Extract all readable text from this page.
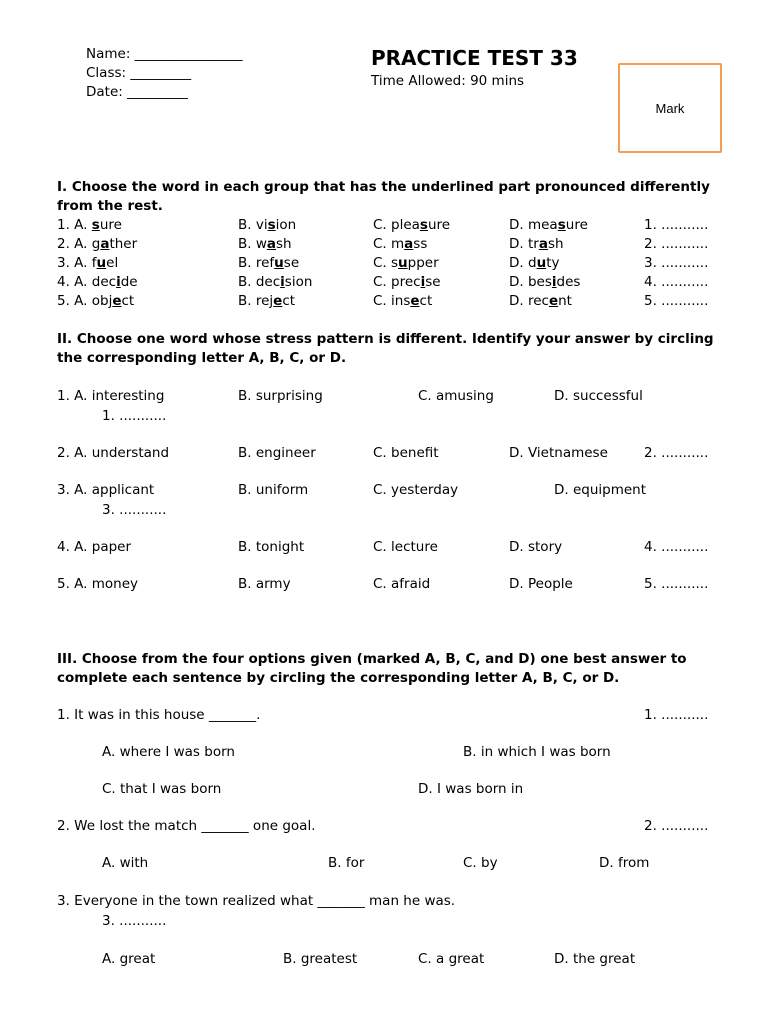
Name: ________________
Class: _________
Date: _________
PRACTICE TEST 33
Time Allowed: 90 mins
Mark
I. Choose the word in each group that has the underlined part pronounced differently from the rest.
1. A. sure	B. vision	C. pleasure	D. measure	1. ...........
2. A. gather	B. wash	C. mass	D. trash	2. ...........
3. A. fuel	B. refuse	C. supper	D. duty	3. ...........
4. A. decide	B. decision	C. precise	D. besides	4. ...........
5. A. object	B. reject	C. insect	D. recent	5. ...........
II. Choose one word whose stress pattern is different. Identify your answer by circling the corresponding letter A, B, C, or D.
1. A. interesting	B. surprising	C. amusing	D. successful
1. ...........
2. A. understand	B. engineer	C. benefit	D. Vietnamese	2. ...........
3. A. applicant	B. uniform	C. yesterday	D. equipment
3. ...........
4. A. paper	B. tonight	C. lecture	D. story	4. ...........
5. A. money	B. army	C. afraid	D. People	5. ...........
III. Choose from the four options given (marked A, B, C, and D) one best answer to complete each sentence by circling the corresponding letter A, B, C, or D.
1. It was in this house _______.	1. ...........
A. where I was born	B. in which I was born
C. that I was born	D. I was born in
2. We lost the match _______ one goal.	2. ...........
A. with	B. for	C. by	D. from
3. Everyone in the town realized what _______ man he was.
3. ...........
A. great	B. greatest	C. a great	D. the great
